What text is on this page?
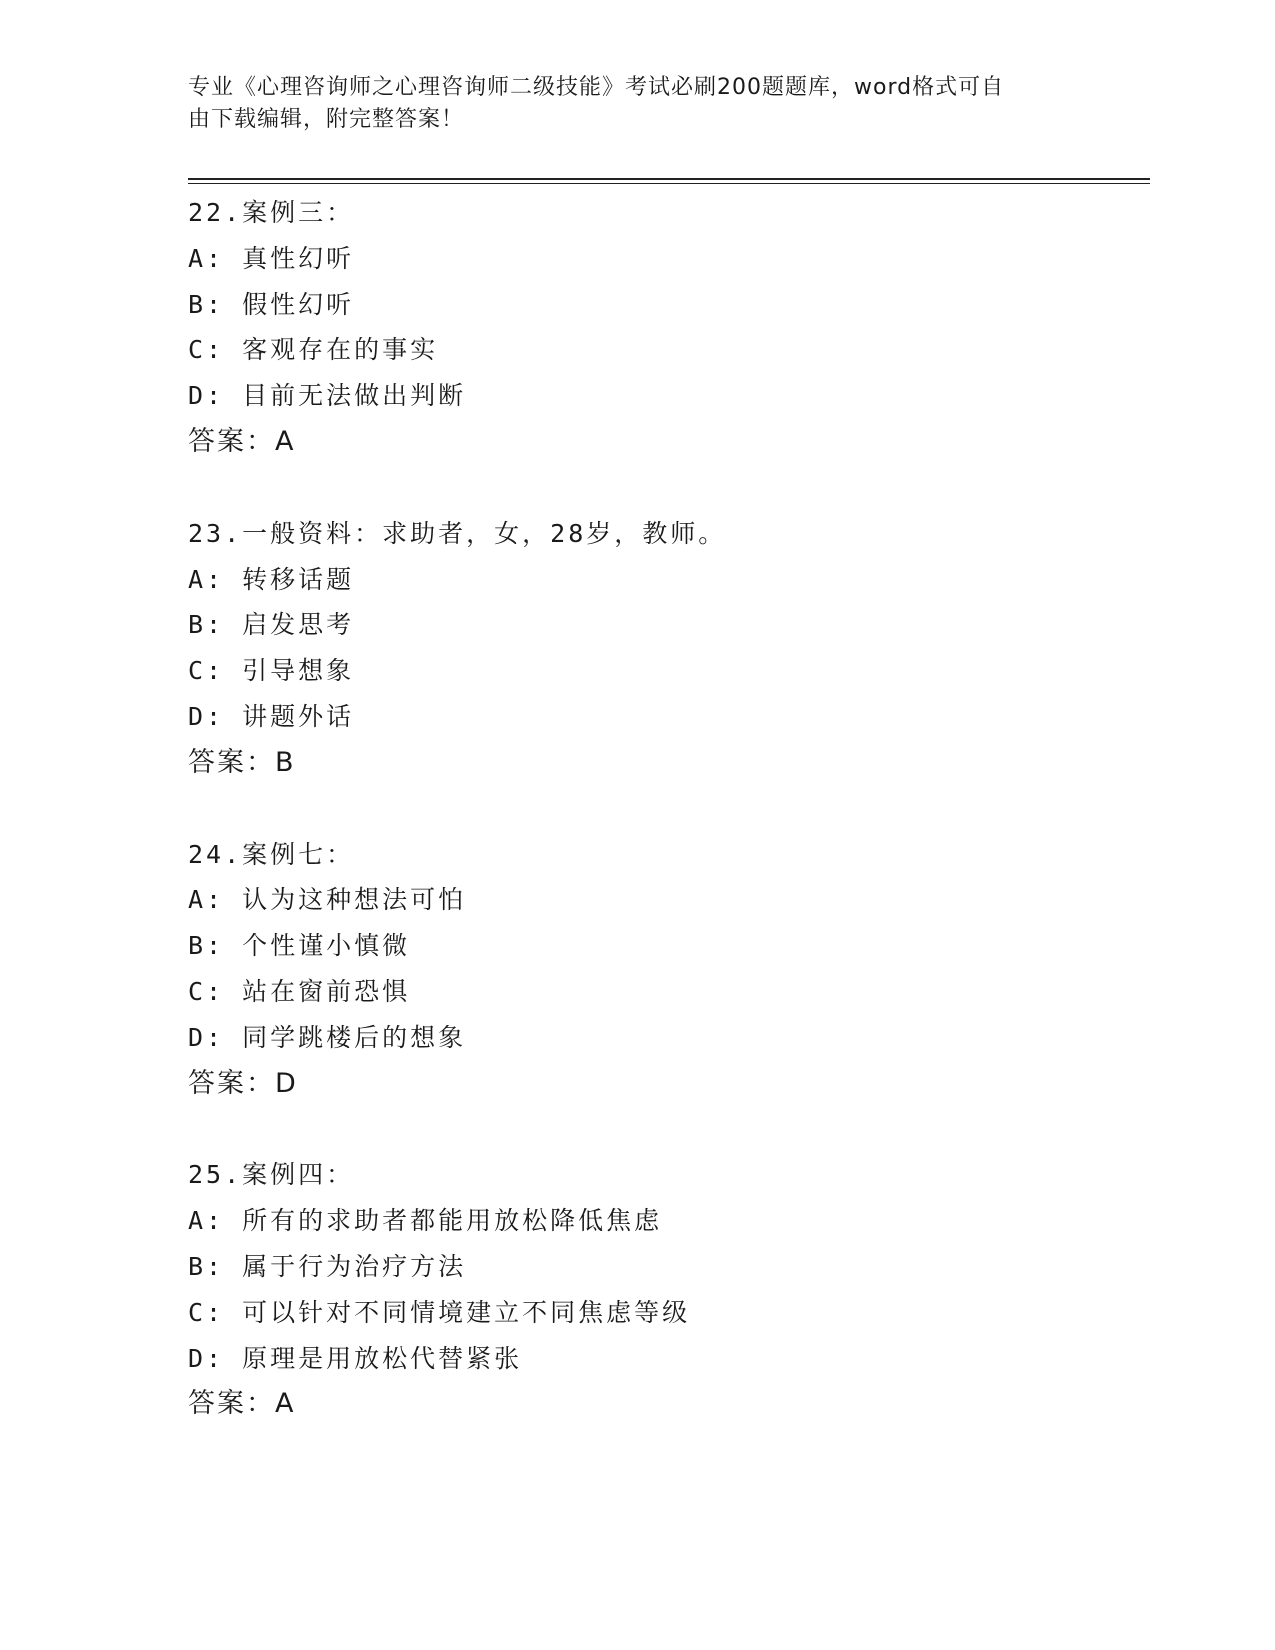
专业《心理咨询师之心理咨询师二级技能》考试必刷200题题库，word格式可自
由下载编辑，附完整答案！
22.案例三：
A: 真性幻听
B: 假性幻听
C: 客观存在的事实
D: 目前无法做出判断
答案：A
23.一般资料：求助者，女，28岁，教师。
A: 转移话题
B: 启发思考
C: 引导想象
D: 讲题外话
答案：B
24.案例七：
A: 认为这种想法可怕
B: 个性谨小慎微
C: 站在窗前恐惧
D: 同学跳楼后的想象
答案：D
25.案例四：
A: 所有的求助者都能用放松降低焦虑
B: 属于行为治疗方法
C: 可以针对不同情境建立不同焦虑等级
D: 原理是用放松代替紧张
答案：A
